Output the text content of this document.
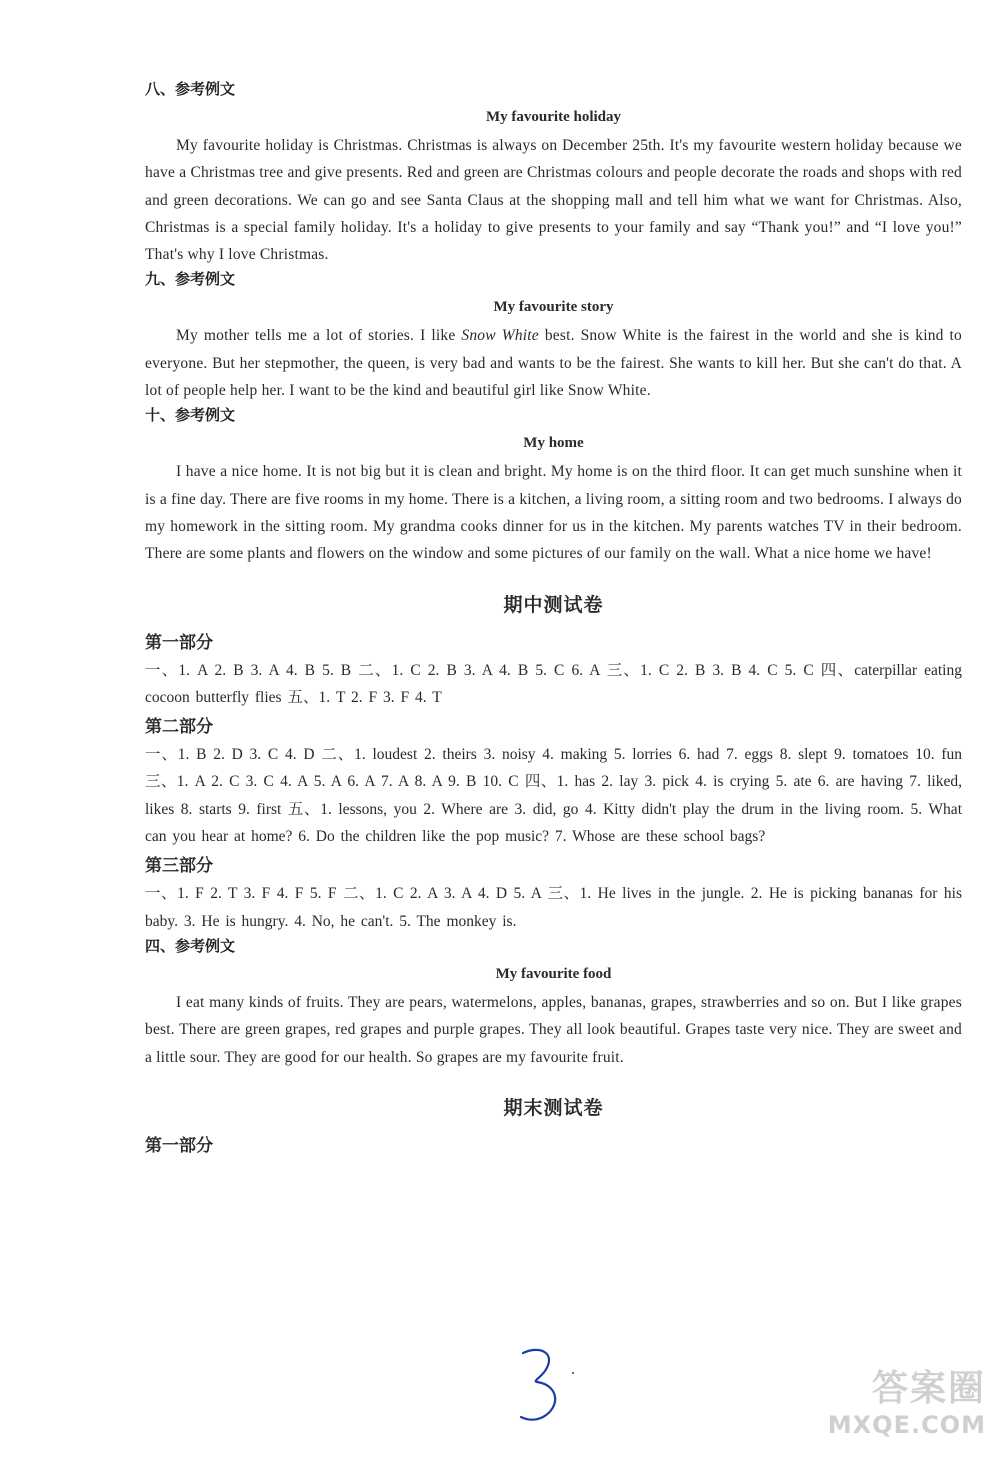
八、参考例文

My favourite holiday

My favourite holiday is Christmas. Christmas is always on December 25th. It's my favourite western holiday because we have a Christmas tree and give presents. Red and green are Christmas colours and people decorate the roads and shops with red and green decorations. We can go and see Santa Claus at the shopping mall and tell him what we want for Christmas. Also, Christmas is a special family holiday. It's a holiday to give presents to your family and say “Thank you!” and “I love you!” That's why I love Christmas.

九、参考例文

My favourite story

My mother tells me a lot of stories. I like Snow White best. Snow White is the fairest in the world and she is kind to everyone. But her stepmother, the queen, is very bad and wants to be the fairest. She wants to kill her. But she can't do that. A lot of people help her. I want to be the kind and beautiful girl like Snow White.

十、参考例文

My home

I have a nice home. It is not big but it is clean and bright. My home is on the third floor. It can get much sunshine when it is a fine day. There are five rooms in my home. There is a kitchen, a living room, a sitting room and two bedrooms. I always do my homework in the sitting room. My grandma cooks dinner for us in the kitchen. My parents watches TV in their bedroom. There are some plants and flowers on the window and some pictures of our family on the wall. What a nice home we have!

期中测试卷

第一部分

一、1. A 2. B 3. A 4. B 5. B 二、1. C 2. B 3. A 4. B 5. C 6. A 三、1. C 2. B 3. B 4. C 5. C 四、caterpillar eating cocoon butterfly flies 五、1. T 2. F 3. F 4. T

第二部分

一、1. B 2. D 3. C 4. D 二、1. loudest 2. theirs 3. noisy 4. making 5. lorries 6. had 7. eggs 8. slept 9. tomatoes 10. fun 三、1. A 2. C 3. C 4. A 5. A 6. A 7. A 8. A 9. B 10. C 四、1. has 2. lay 3. pick 4. is crying 5. ate 6. are having 7. liked, likes 8. starts 9. first 五、1. lessons, you 2. Where are 3. did, go 4. Kitty didn't play the drum in the living room. 5. What can you hear at home? 6. Do the children like the pop music? 7. Whose are these school bags?

第三部分

一、1. F 2. T 3. F 4. F 5. F 二、1. C 2. A 3. A 4. D 5. A 三、1. He lives in the jungle. 2. He is picking bananas for his baby. 3. He is hungry. 4. No, he can't. 5. The monkey is.

四、参考例文

My favourite food

I eat many kinds of fruits. They are pears, watermelons, apples, bananas, grapes, strawberries and so on. But I like grapes best. There are green grapes, red grapes and purple grapes. They all look beautiful. Grapes taste very nice. They are sweet and a little sour. They are good for our health. So grapes are my favourite fruit.

期末测试卷

第一部分

答案圈
MXQE.COM
